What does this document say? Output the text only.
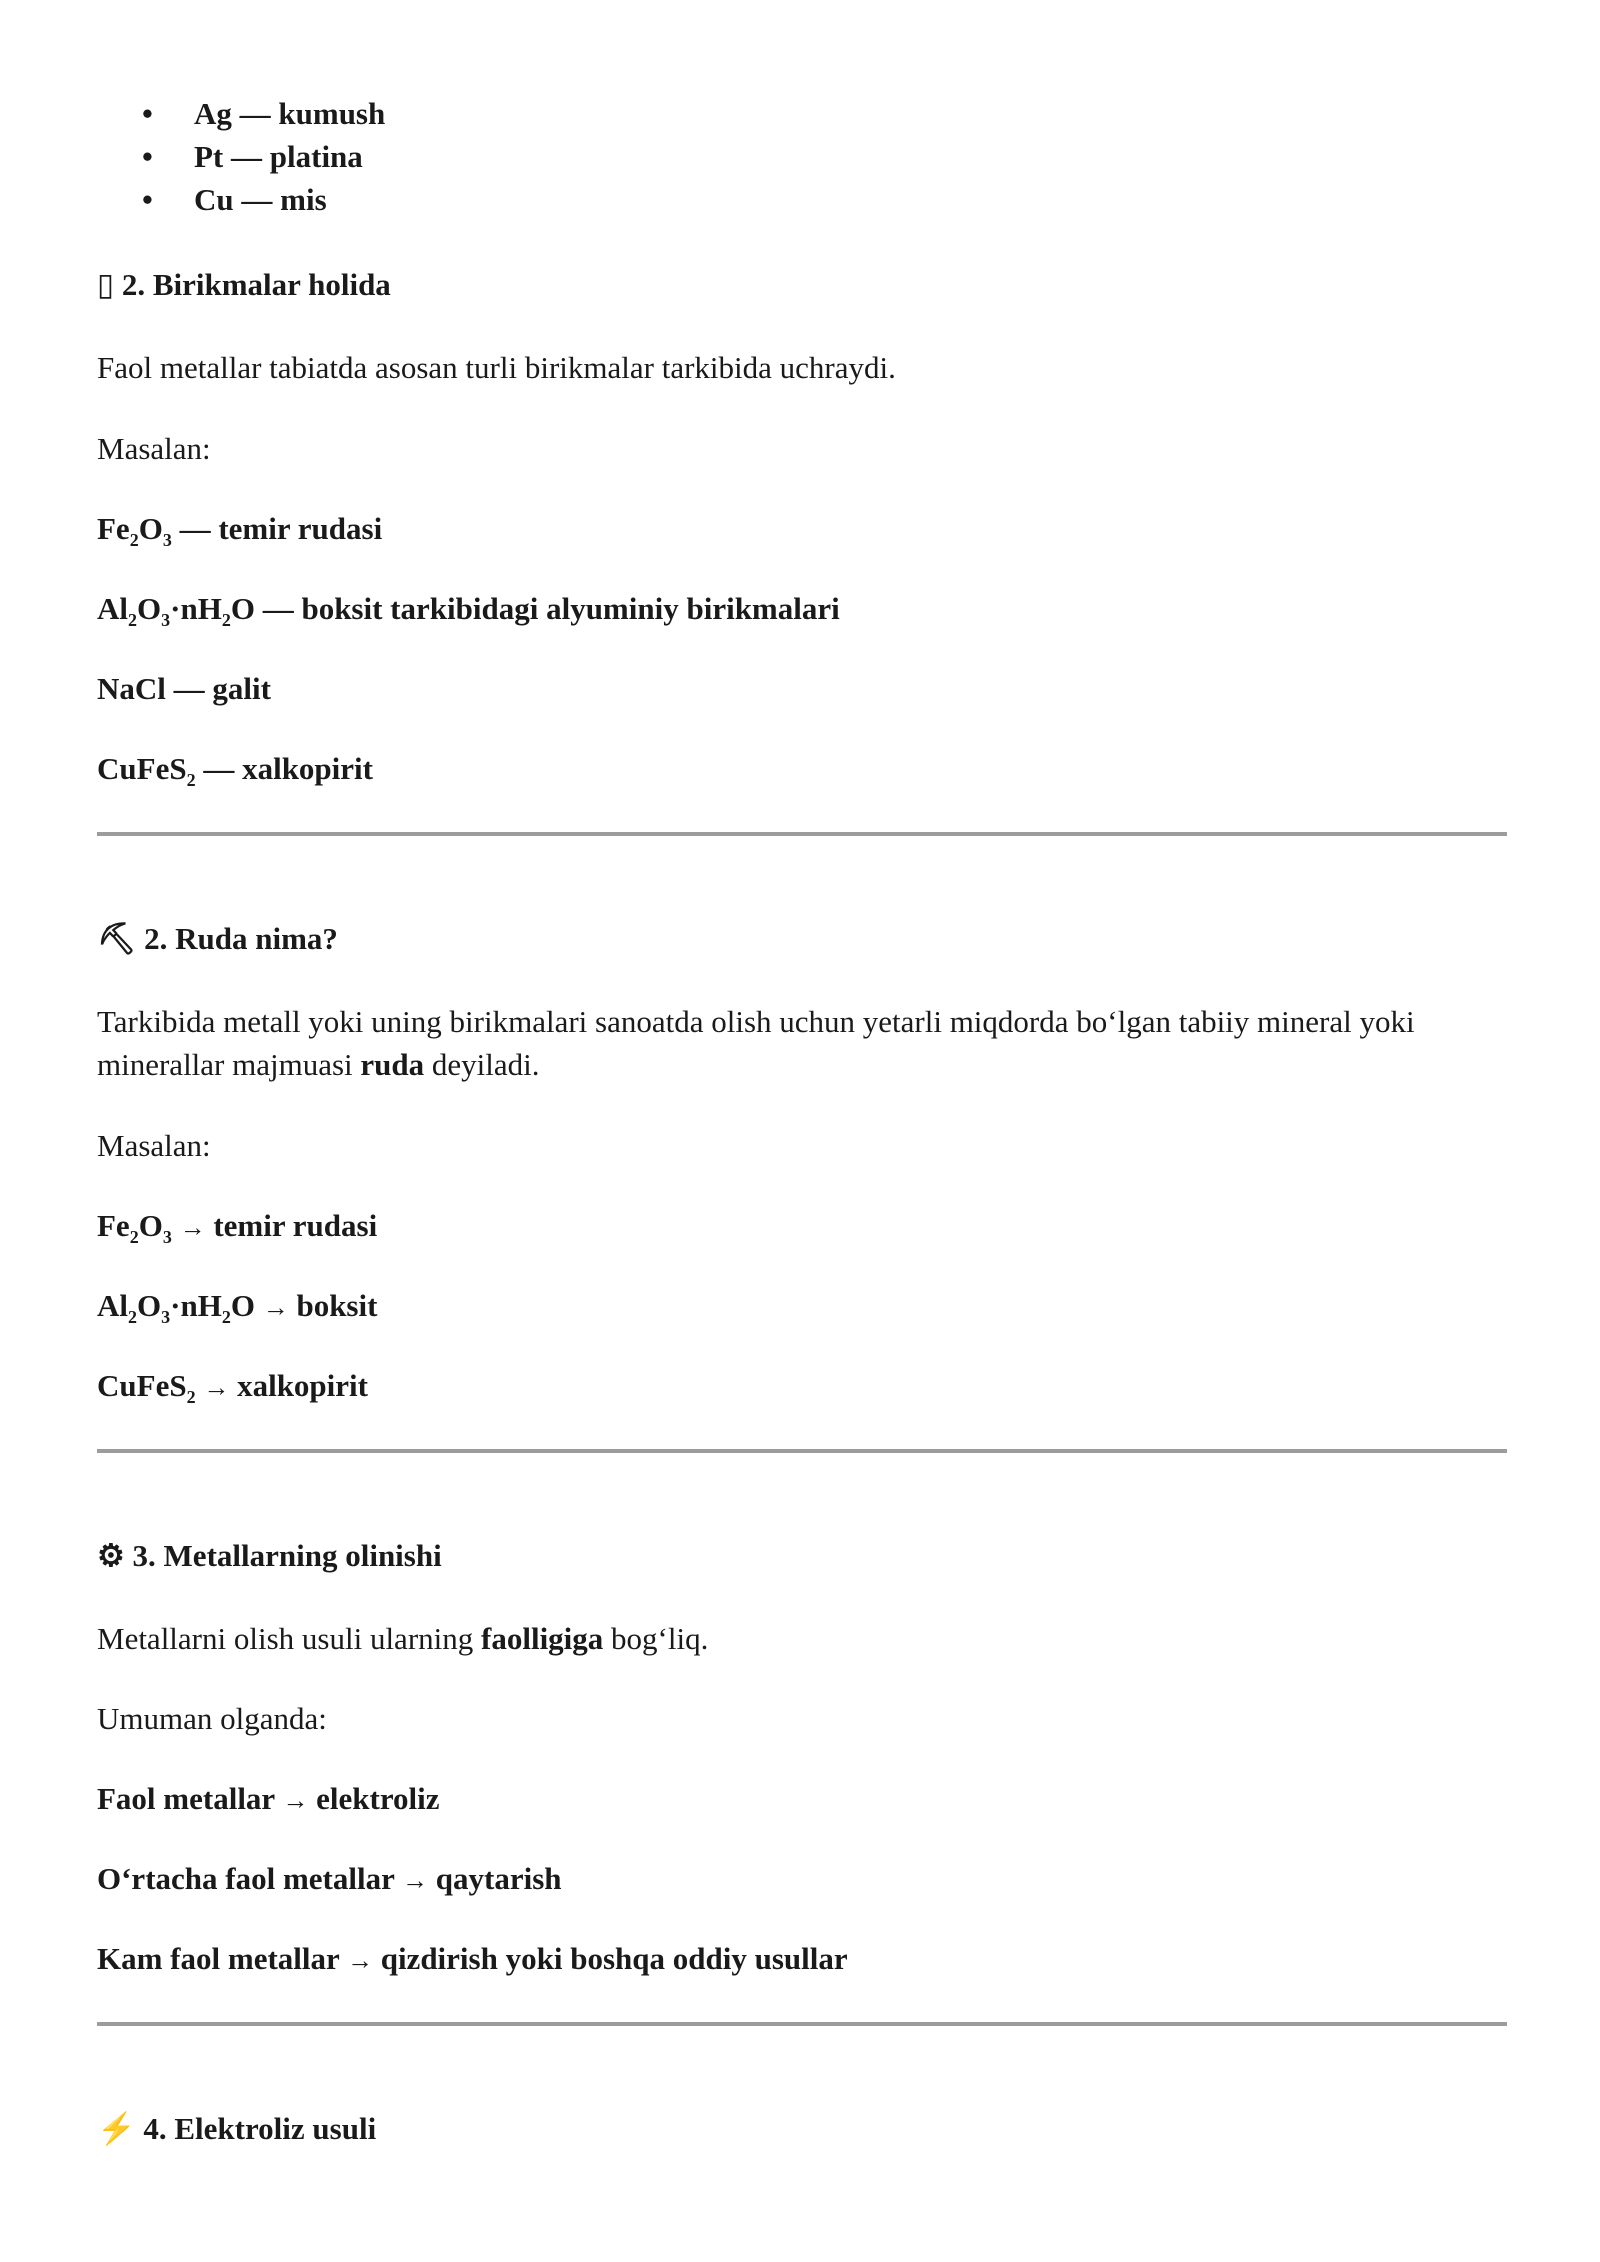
• Ag — kumush
• Pt — platina
• Cu — mis
▯ 2. Birikmalar holida

Faol metallar tabiatda asosan turli birikmalar tarkibida uchraydi.

Masalan:

$Fe_2O_3$ — temir rudasi

$Al_2O_3\cdot nH_2O$ — boksit tarkibidagi alyuminiy birikmalari

NaCl — galit

CuFeS$_2$ — xalkopirit

⛏ 2. Ruda nima?

Tarkibida metall yoki uning birikmalari sanoatda olish uchun yetarli miqdorda bo‘lgan tabiiy mineral yoki minerallar majmuasi ruda deyiladi.

Masalan:

$Fe_2O_3$ → temir rudasi

$Al_2O_3\cdot nH_2O$ → boksit

CuFeS$_2$ → xalkopirit

⚙ 3. Metallarning olinishi

Metallarni olish usuli ularning faolligiga bog‘liq.

Umuman olganda:

Faol metallar → elektroliz

O‘rtacha faol metallar → qaytarish

Kam faol metallar → qizdirish yoki boshqa oddiy usullar

⚡ 4. Elektroliz usuli
